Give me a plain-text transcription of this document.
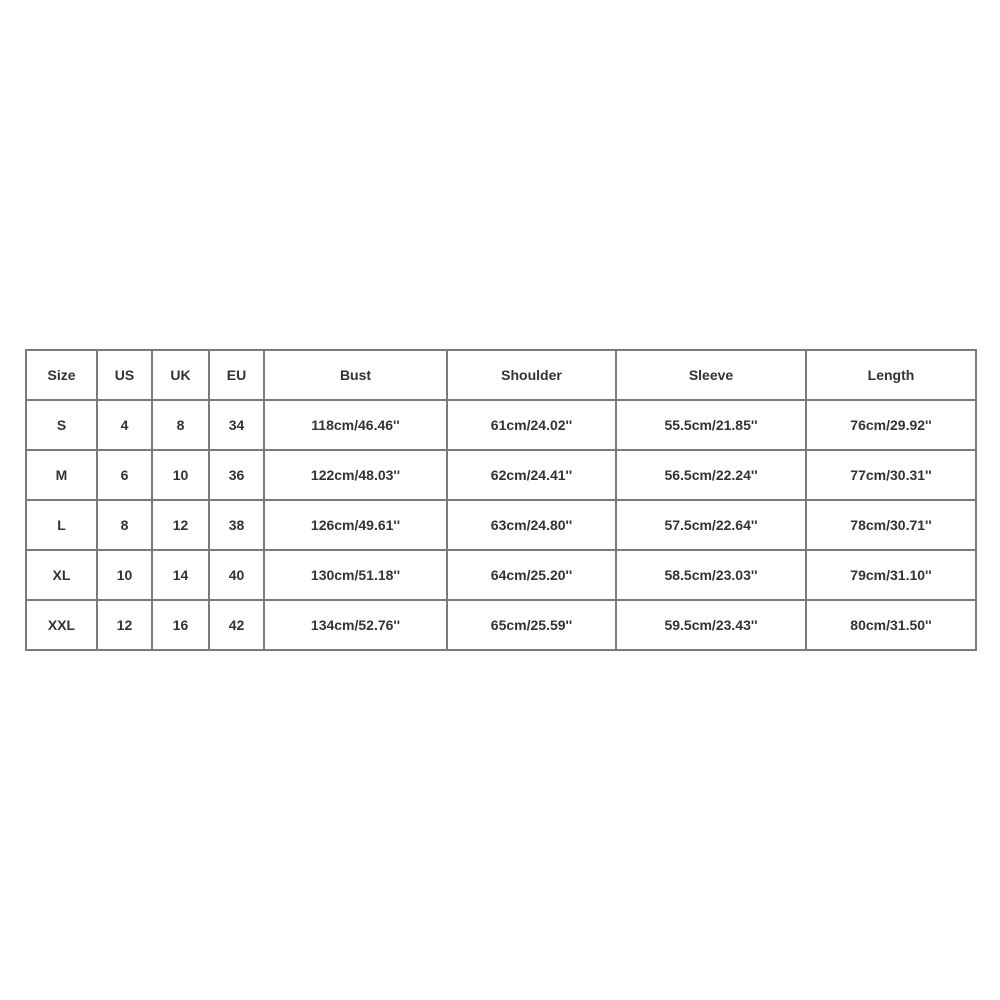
Size	US	UK	EU	Bust	Shoulder	Sleeve	Length
S	4	8	34	118cm/46.46''	61cm/24.02''	55.5cm/21.85''	76cm/29.92''
M	6	10	36	122cm/48.03''	62cm/24.41''	56.5cm/22.24''	77cm/30.31''
L	8	12	38	126cm/49.61''	63cm/24.80''	57.5cm/22.64''	78cm/30.71''
XL	10	14	40	130cm/51.18''	64cm/25.20''	58.5cm/23.03''	79cm/31.10''
XXL	12	16	42	134cm/52.76''	65cm/25.59''	59.5cm/23.43''	80cm/31.50''
